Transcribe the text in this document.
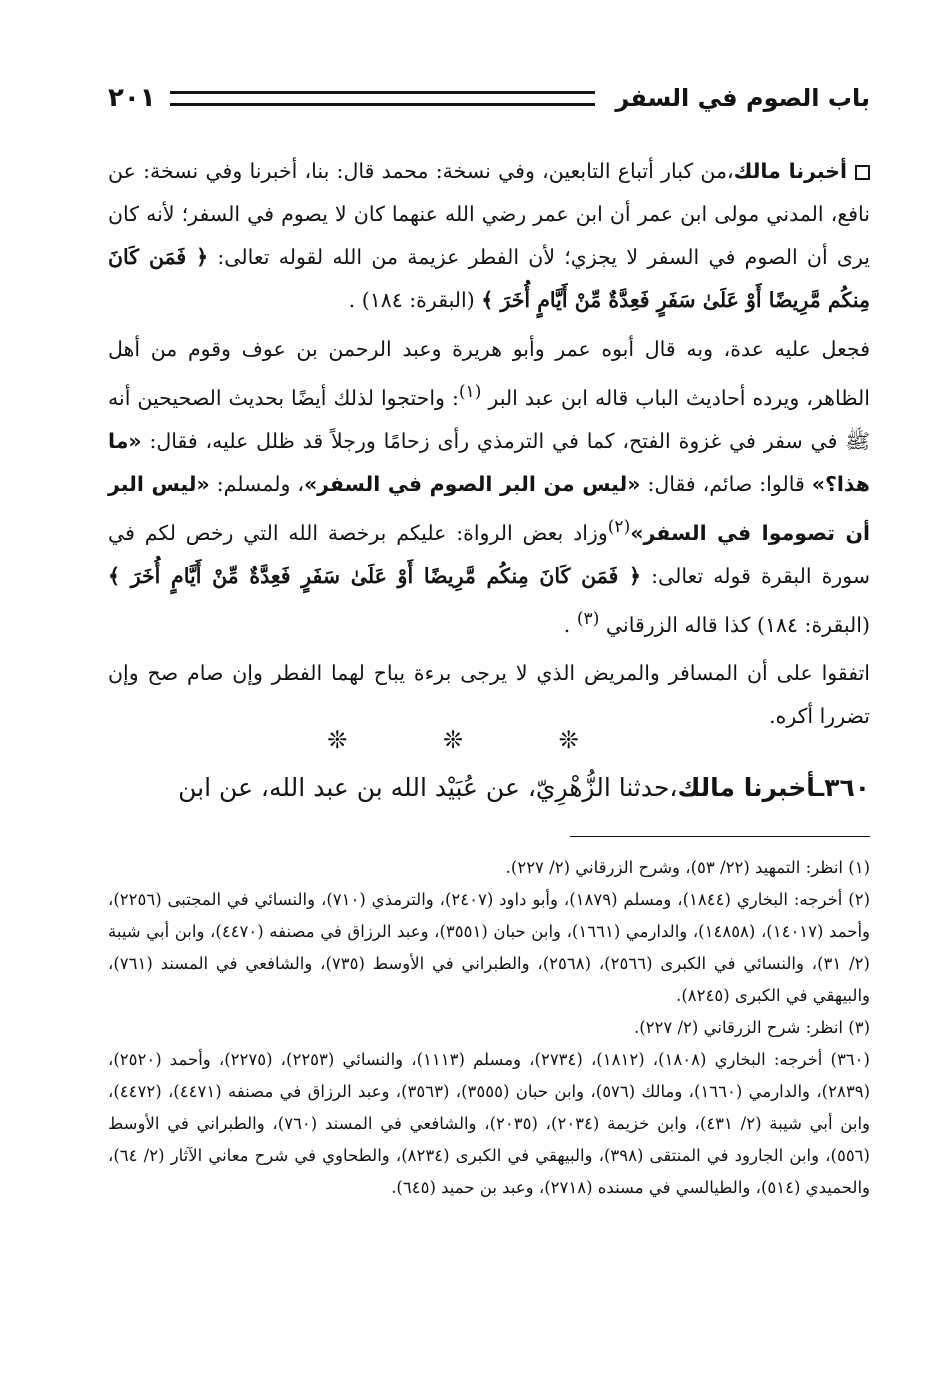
باب الصوم في السفر
٢٠١

أخبرنا مالك،من كبار أتباع التابعين، وفي نسخة: محمد قال: بنا، أخبرنا وفي نسخة: عن نافع، المدني مولى ابن عمر أن ابن عمر رضي الله عنهما كان لا يصوم في السفر؛ لأنه كان يرى أن الصوم في السفر لا يجزي؛ لأن الفطر عزيمة من الله لقوله تعالى: ﴿ فَمَن كَانَ مِنكُم مَّرِيضًا أَوْ عَلَىٰ سَفَرٍ فَعِدَّةٌ مِّنْ أَيَّامٍ أُخَرَ ﴾ (البقرة: ١٨٤) .

فجعل عليه عدة، وبه قال أبوه عمر وأبو هريرة وعبد الرحمن بن عوف وقوم من أهل الظاهر، ويرده أحاديث الباب قاله ابن عبد البر $^{(١)}$: واحتجوا لذلك أيضًا بحديث الصحيحين أنه ﷺ في سفر في غزوة الفتح، كما في الترمذي رأى زحامًا ورجلاً قد ظلل عليه، فقال: «ما هذا؟» قالوا: صائم، فقال: «ليس من البر الصوم في السفر»، ولمسلم: «ليس البر أن تصوموا في السفر»$^{(٢)}$وزاد بعض الرواة: عليكم برخصة الله التي رخص لكم في سورة البقرة قوله تعالى: ﴿ فَمَن كَانَ مِنكُم مَّرِيضًا أَوْ عَلَىٰ سَفَرٍ فَعِدَّةٌ مِّنْ أَيَّامٍ أُخَرَ ﴾ (البقرة: ١٨٤) كذا قاله الزرقاني $^{(٣)}$ .

اتفقوا على أن المسافر والمريض الذي لا يرجى برءة يباح لهما الفطر وإن صام صح وإن تضررا أكره.

❊ ❊ ❊
٣٦٠ـأخبرنا مالك،حدثنا الزُّهْرِيّ، عن عُبَيْد الله بن عبد الله، عن ابن

(١) انظر: التمهيد (٢٢/ ٥٣)، وشرح الزرقاني (٢/ ٢٢٧).

(٢) أخرجه: البخاري (١٨٤٤)، ومسلم (١٨٧٩)، وأبو داود (٢٤٠٧)، والترمذي (٧١٠)، والنسائي في المجتبى (٢٢٥٦)، وأحمد (١٤٠١٧)، (١٤٨٥٨)، والدارمي (١٦٦١)، وابن حبان (٣٥٥١)، وعبد الرزاق في مصنفه (٤٤٧٠)، وابن أبي شيبة (٢/ ٣١)، والنسائي في الكبرى (٢٥٦٦)، (٢٥٦٨)، والطبراني في الأوسط (٧٣٥)، والشافعي في المسند (٧٦١)، والبيهقي في الكبرى (٨٢٤٥).

(٣) انظر: شرح الزرقاني (٢/ ٢٢٧).

(٣٦٠) أخرجه: البخاري (١٨٠٨)، (١٨١٢)، (٢٧٣٤)، ومسلم (١١١٣)، والنسائي (٢٢٥٣)، (٢٢٧٥)، وأحمد (٢٥٢٠)، (٢٨٣٩)، والدارمي (١٦٦٠)، ومالك (٥٧٦)، وابن حبان (٣٥٥٥)، (٣٥٦٣)، وعبد الرزاق في مصنفه (٤٤٧١)، (٤٤٧٢)، وابن أبي شيبة (٢/ ٤٣١)، وابن خزيمة (٢٠٣٤)، (٢٠٣٥)، والشافعي في المسند (٧٦٠)، والطبراني في الأوسط (٥٥٦)، وابن الجارود في المنتقى (٣٩٨)، والبيهقي في الكبرى (٨٢٣٤)، والطحاوي في شرح معاني الآثار (٢/ ٦٤)، والحميدي (٥١٤)، والطيالسي في مسنده (٢٧١٨)، وعبد بن حميد (٦٤٥).
